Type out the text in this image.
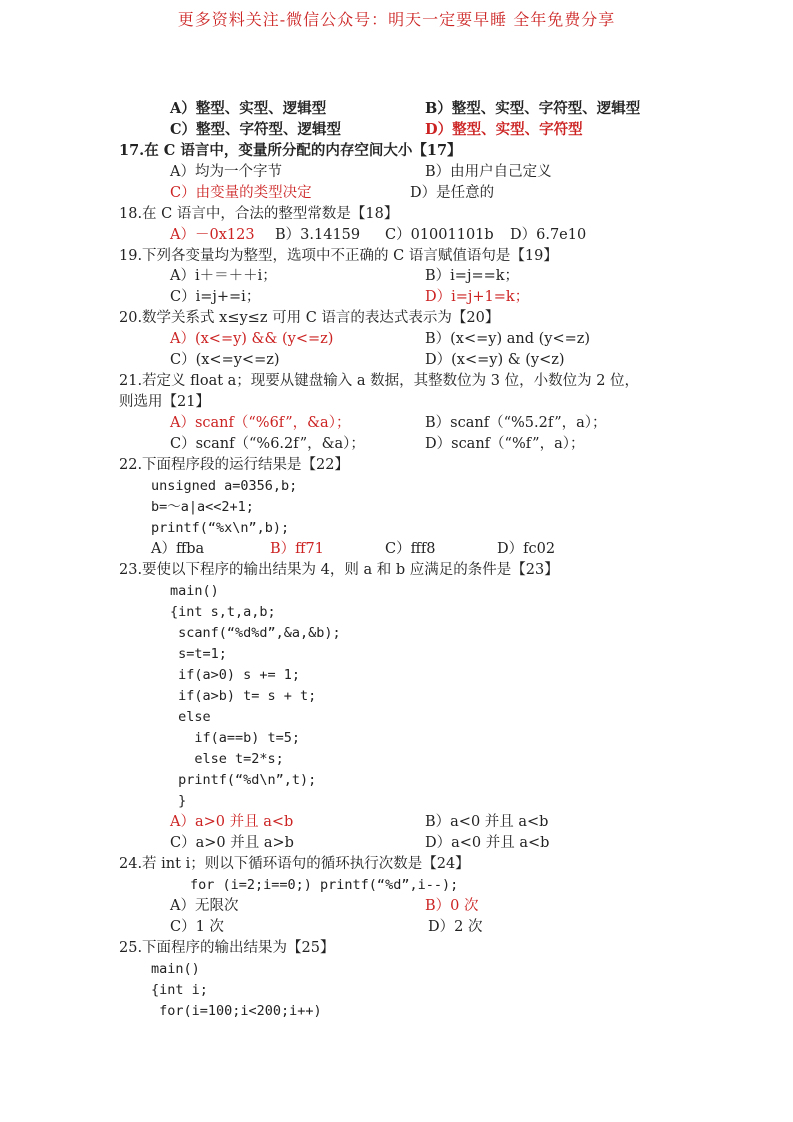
更多资料关注-微信公众号：明天一定要早睡 全年免费分享
A）整型、实型、逻辑型	B）整型、实型、字符型、逻辑型
C）整型、字符型、逻辑型	D）整型、实型、字符型
17.在 C 语言中，变量所分配的内存空间大小【17】
A）均为一个字节	B）由用户自己定义
C）由变量的类型决定	D）是任意的
18.在 C 语言中，合法的整型常数是【18】
A）－0x123 B）3.14159 C）01001101b D）6.7e10
19.下列各变量均为整型，选项中不正确的 C 语言赋值语句是【19】
A）i＋＝＋＋i；	B）i=j==k；
C）i=j+=i；	D）i=j+1=k；
20.数学关系式 x≤y≤z 可用 C 语言的表达式表示为【20】
A）(x<=y) && (y<=z)	B）(x<=y) and (y<=z)
C）(x<=y<=z)	D）(x<=y) & (y<z)
21.若定义 float a；现要从键盘输入 a 数据，其整数位为 3 位，小数位为 2 位，
则选用【21】
A）scanf（“%6f”，&a）；	B）scanf（“%5.2f”，a）；
C）scanf（“%6.2f”，&a）；	D）scanf（“%f”，a）；
22.下面程序段的运行结果是【22】
unsigned a=0356,b;
b=～a|a<<2+1;
printf(“%x\n”,b);
A）ffba	B）ff71	C）fff8	D）fc02
23.要使以下程序的输出结果为 4，则 a 和 b 应满足的条件是【23】
main()
{int s,t,a,b;
scanf(“%d%d”,&a,&b);
s=t=1;
if(a>0) s += 1;
if(a>b) t= s + t;
else
if(a==b) t=5;
else t=2*s;
printf(“%d\n”,t);
}
A）a>0 并且 a<b	B）a<0 并且 a<b
C）a>0 并且 a>b	D）a<0 并且 a<b
24.若 int i；则以下循环语句的循环执行次数是【24】
for (i=2;i==0;) printf(“%d”,i--);
A）无限次	B）0 次
C）1 次	D）2 次
25.下面程序的输出结果为【25】
main()
{int i;
for(i=100;i<200;i++)
